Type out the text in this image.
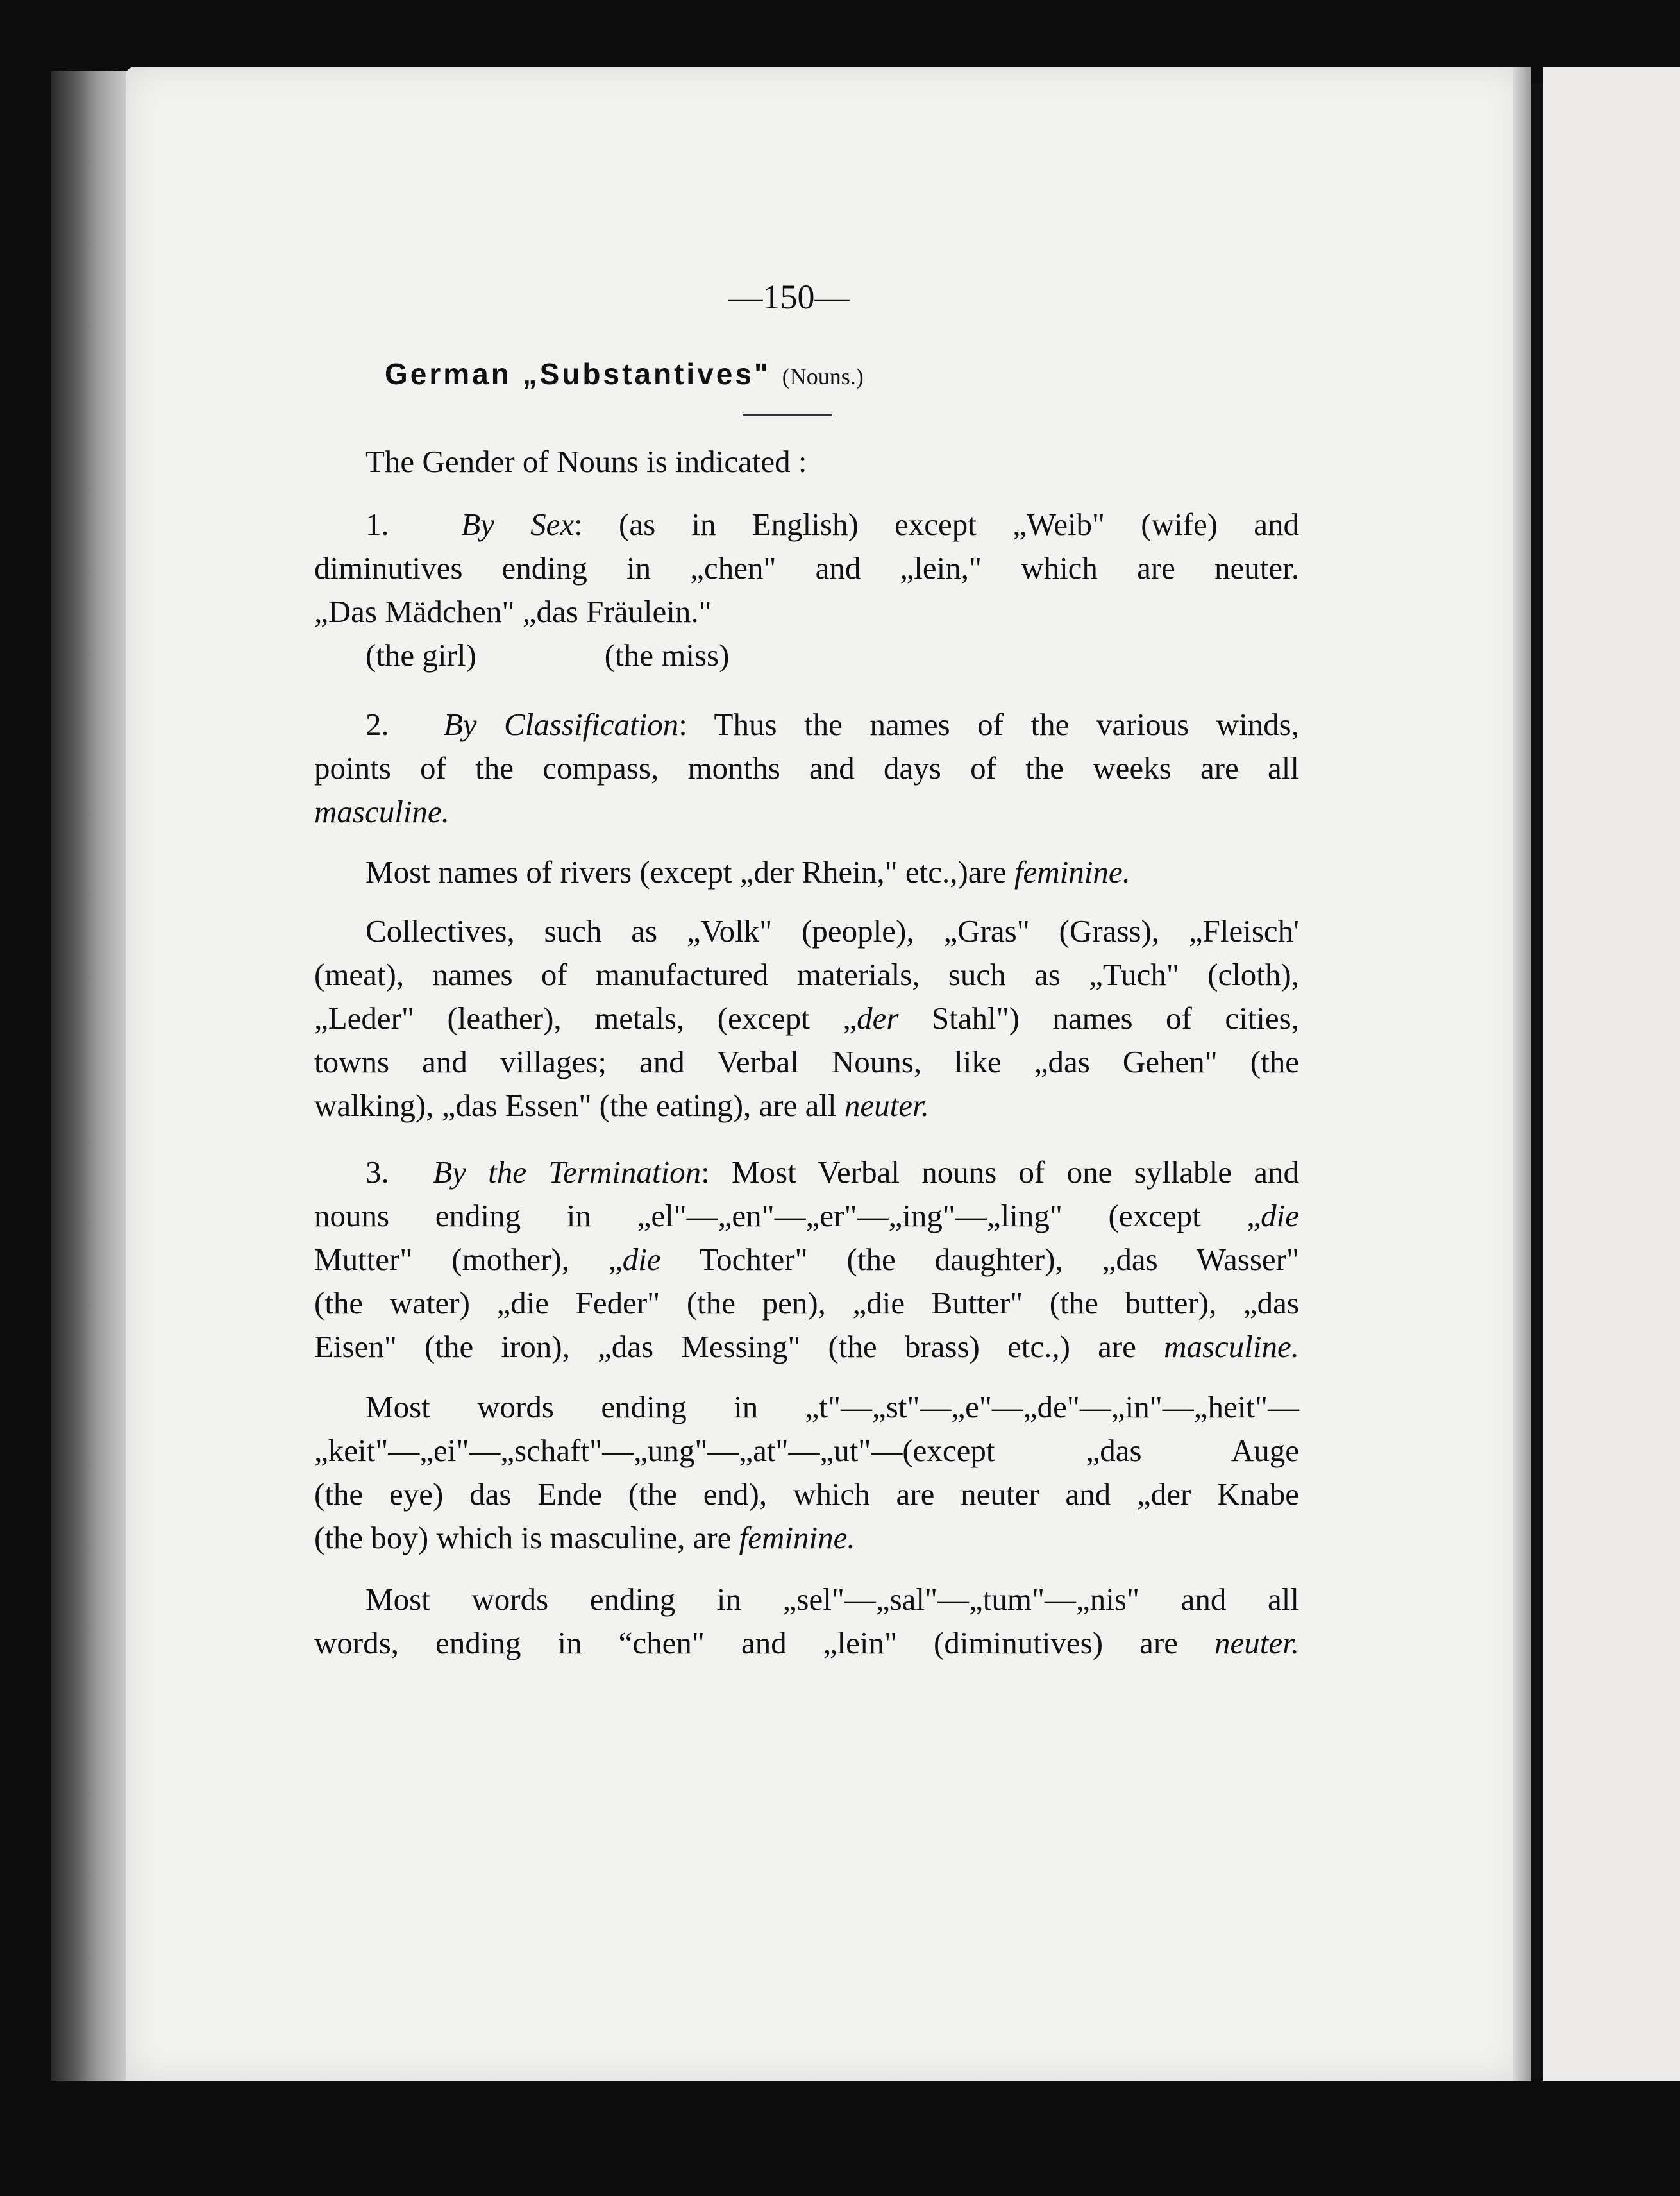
—150—
German „Substantives" (Nouns.)
The Gender of Nouns is indicated :
1. By Sex: (as in English) except „Weib" (wife) and
diminutives ending in „chen" and „lein," which are neuter.
„Das Mädchen" „das Fräulein."
(the girl)	(the miss)
2. By Classification: Thus the names of the various winds,
points of the compass, months and days of the weeks are all
masculine.
Most names of rivers (except „der Rhein," etc.,)are feminine.
Collectives, such as „Volk" (people), „Gras" (Grass), „Fleisch'
(meat), names of manufactured materials, such as „Tuch" (cloth),
„Leder" (leather), metals, (except „der Stahl") names of cities,
towns and villages; and Verbal Nouns, like „das Gehen" (the
walking), „das Essen" (the eating), are all neuter.
3. By the Termination: Most Verbal nouns of one syllable and
nouns ending in „el"—„en"—„er"—„ing"—„ling" (except „die
Mutter" (mother), „die Tochter" (the daughter), „das Wasser"
(the water) „die Feder" (the pen), „die Butter" (the butter), „das
Eisen" (the iron), „das Messing" (the brass) etc.,) are masculine.
Most words ending in „t"—„st"—„e"—„de"—„in"—„heit"—
„keit"—„ei"—„schaft"—„ung"—„at"—„ut"—(except „das Auge
(the eye) das Ende (the end), which are neuter and „der Knabe
(the boy) which is masculine, are feminine.
Most words ending in „sel"—„sal"—„tum"—„nis" and all
words, ending in “chen" and „lein" (diminutives) are neuter.
